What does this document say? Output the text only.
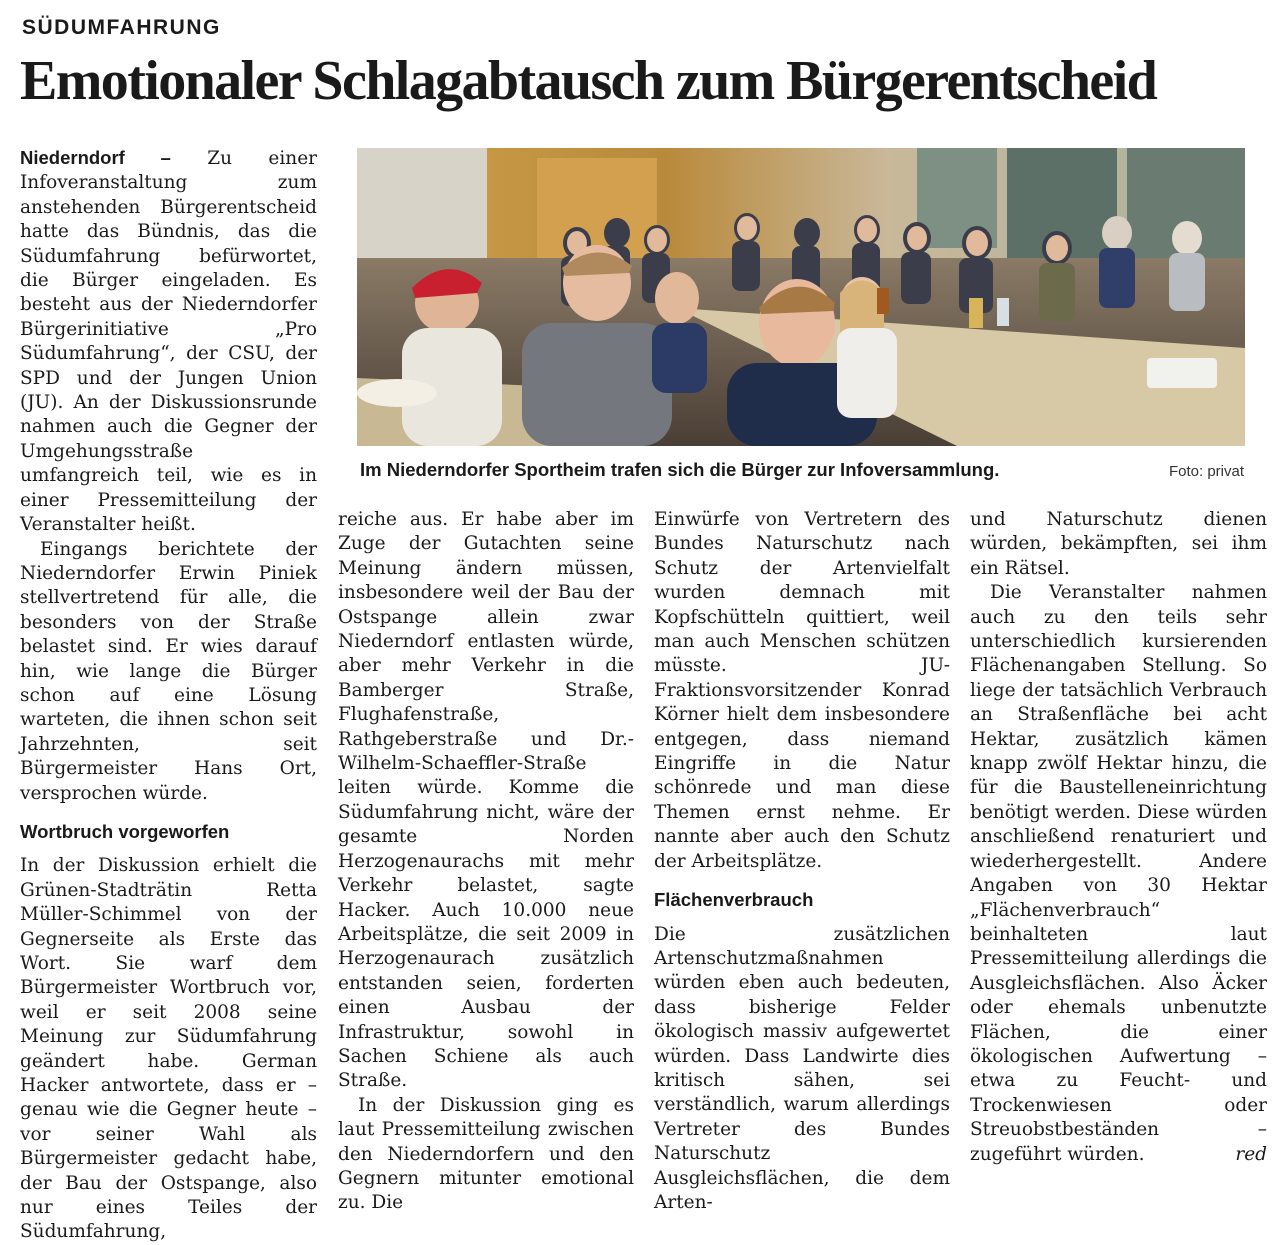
SÜDUMFAHRUNG
Emotionaler Schlagabtausch zum Bürgerentscheid
Im Niederndorfer Sportheim trafen sich die Bürger zur Infoversammlung.	Foto: privat

Niederndorf – Zu einer Infoveranstaltung zum anstehenden Bürgerentscheid hatte das Bündnis, das die Südumfahrung befürwortet, die Bürger eingeladen. Es besteht aus der Niederndorfer Bürgerinitiative „Pro Südumfahrung“, der CSU, der SPD und der Jungen Union (JU). An der Diskussionsrunde nahmen auch die Gegner der Umgehungsstraße umfangreich teil, wie es in einer Pressemitteilung der Veranstalter heißt.

Eingangs berichtete der Niederndorfer Erwin Piniek stellvertretend für alle, die besonders von der Straße belastet sind. Er wies darauf hin, wie lange die Bürger schon auf eine Lösung warteten, die ihnen schon seit Jahrzehnten, seit Bürgermeister Hans Ort, versprochen würde.

Wortbruch vorgeworfen

In der Diskussion erhielt die Grünen-Stadträtin Retta Müller-Schimmel von der Gegnerseite als Erste das Wort. Sie warf dem Bürgermeister Wortbruch vor, weil er seit 2008 seine Meinung zur Südumfahrung geändert habe. German Hacker antwortete, dass er – genau wie die Gegner heute – vor seiner Wahl als Bürgermeister gedacht habe, der Bau der Ostspange, also nur eines Teiles der Südumfahrung,

reiche aus. Er habe aber im Zuge der Gutachten seine Meinung ändern müssen, insbesondere weil der Bau der Ostspange allein zwar Niederndorf entlasten würde, aber mehr Verkehr in die Bamberger Straße, Flughafenstraße, Rathgeberstraße und Dr.-Wilhelm-Schaeffler-Straße leiten würde. Komme die Südumfahrung nicht, wäre der gesamte Norden Herzogenaurachs mit mehr Verkehr belastet, sagte Hacker. Auch 10.000 neue Arbeitsplätze, die seit 2009 in Herzogenaurach zusätzlich entstanden seien, forderten einen Ausbau der Infrastruktur, sowohl in Sachen Schiene als auch Straße.

In der Diskussion ging es laut Pressemitteilung zwischen den Niederndorfern und den Gegnern mitunter emotional zu. Die

Einwürfe von Vertretern des Bundes Naturschutz nach Schutz der Artenvielfalt wurden demnach mit Kopfschütteln quittiert, weil man auch Menschen schützen müsste. JU-Fraktionsvorsitzender Konrad Körner hielt dem insbesondere entgegen, dass niemand Eingriffe in die Natur schönrede und man diese Themen ernst nehme. Er nannte aber auch den Schutz der Arbeitsplätze.

Flächenverbrauch

Die zusätzlichen Artenschutzmaßnahmen würden eben auch bedeuten, dass bisherige Felder ökologisch massiv aufgewertet würden. Dass Landwirte dies kritisch sähen, sei verständlich, warum allerdings Vertreter des Bundes Naturschutz Ausgleichsflächen, die dem Arten-

und Naturschutz dienen würden, bekämpften, sei ihm ein Rätsel.

Die Veranstalter nahmen auch zu den teils sehr unterschiedlich kursierenden Flächenangaben Stellung. So liege der tatsächlich Verbrauch an Straßenfläche bei acht Hektar, zusätzlich kämen knapp zwölf Hektar hinzu, die für die Baustelleneinrichtung benötigt werden. Diese würden anschließend renaturiert und wiederhergestellt. Andere Angaben von 30 Hektar „Flächenverbrauch“ beinhalteten laut Pressemitteilung allerdings die Ausgleichsflächen. Also Äcker oder ehemals unbenutzte Flächen, die einer ökologischen Aufwertung – etwa zu Feucht- und Trockenwiesen oder Streuobstbeständen – zugeführt würden.	red
